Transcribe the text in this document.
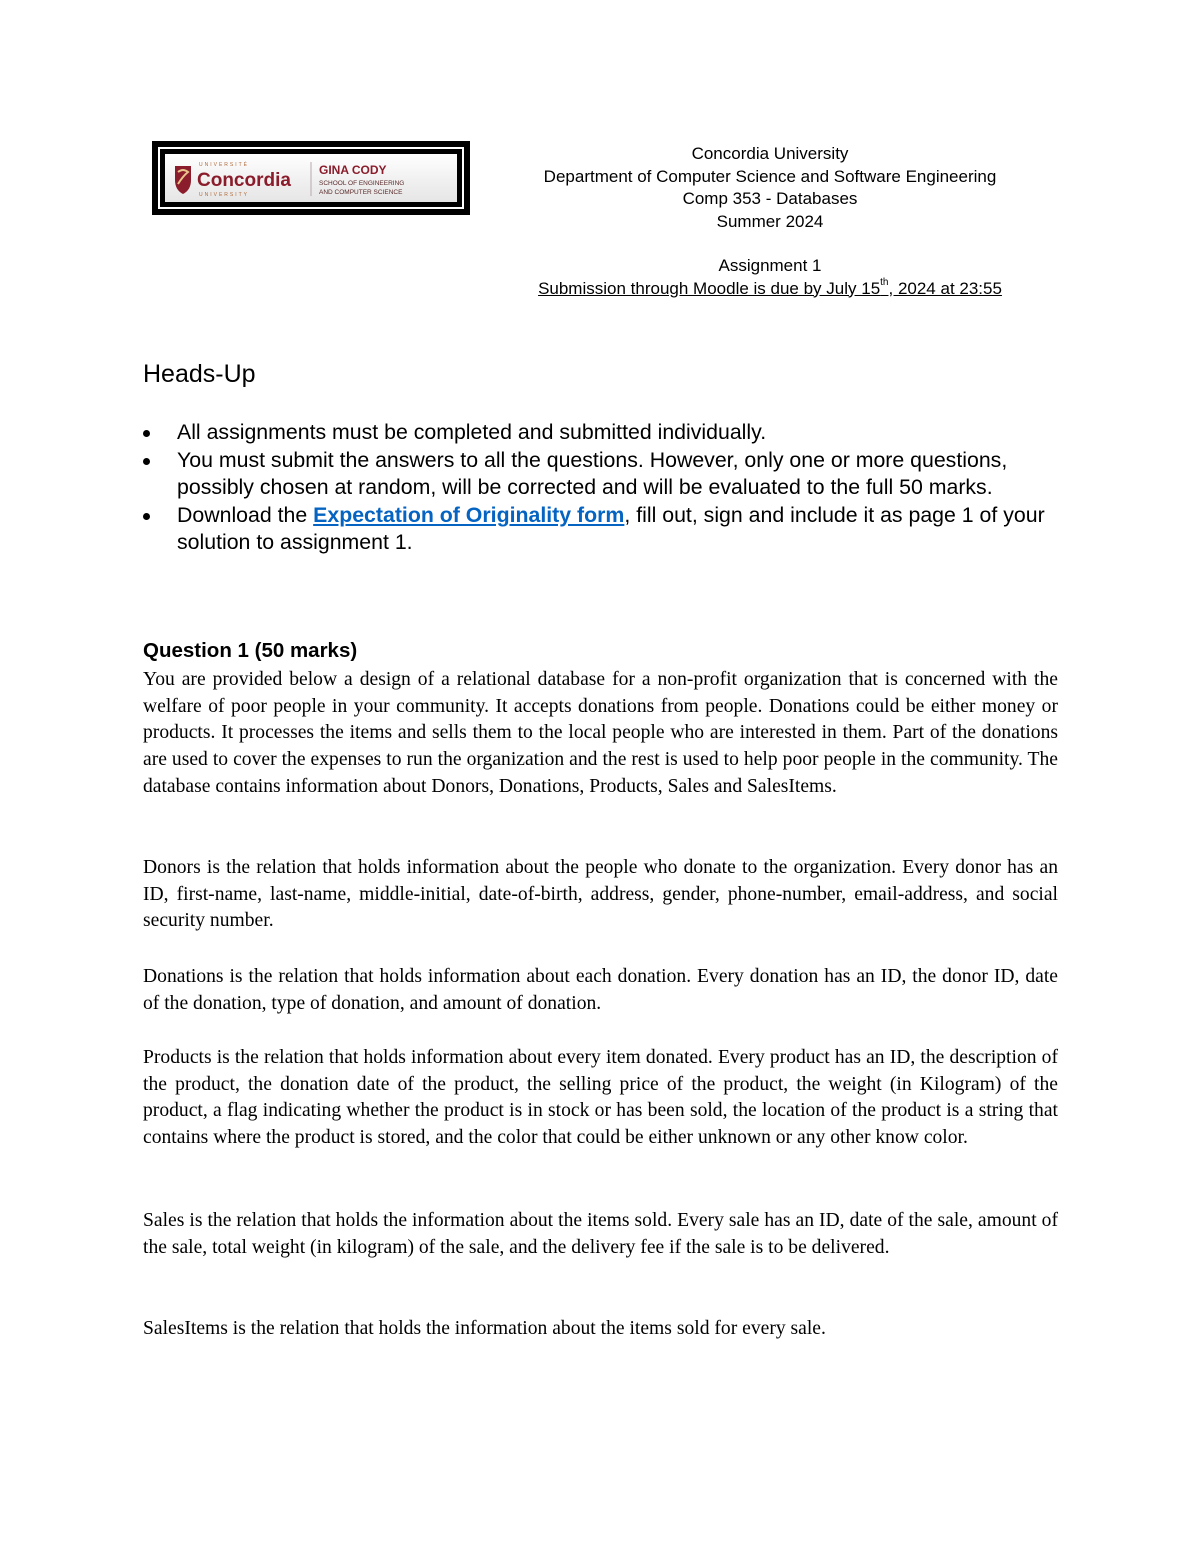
UNIVERSITÉ
Concordia
UNIVERSITY
GINA CODY
SCHOOL OF ENGINEERING
AND COMPUTER SCIENCE
Concordia University
Department of Computer Science and Software Engineering
Comp 353 - Databases
Summer 2024
Assignment 1
Submission through Moodle is due by July 15th, 2024 at 23:55
Heads-Up
All assignments must be completed and submitted individually.
You must submit the answers to all the questions. However, only one or more questions, possibly chosen at random, will be corrected and will be evaluated to the full 50 marks.
Download the Expectation of Originality form, fill out, sign and include it as page 1 of your solution to assignment 1.
Question 1 (50 marks)

You are provided below a design of a relational database for a non-profit organization that is concerned with the welfare of poor people in your community. It accepts donations from people. Donations could be either money or products. It processes the items and sells them to the local people who are interested in them. Part of the donations are used to cover the expenses to run the organization and the rest is used to help poor people in the community. The database contains information about Donors, Donations, Products, Sales and SalesItems.

Donors is the relation that holds information about the people who donate to the organization. Every donor has an ID, first-name, last-name, middle-initial, date-of-birth, address, gender, phone-number, email-address, and social security number.

Donations is the relation that holds information about each donation. Every donation has an ID, the donor ID, date of the donation, type of donation, and amount of donation.

Products is the relation that holds information about every item donated. Every product has an ID, the description of the product, the donation date of the product, the selling price of the product, the weight (in Kilogram) of the product, a flag indicating whether the product is in stock or has been sold, the location of the product is a string that contains where the product is stored, and the color that could be either unknown or any other know color.

Sales is the relation that holds the information about the items sold. Every sale has an ID, date of the sale, amount of the sale, total weight (in kilogram) of the sale, and the delivery fee if the sale is to be delivered.

SalesItems is the relation that holds the information about the items sold for every sale.
